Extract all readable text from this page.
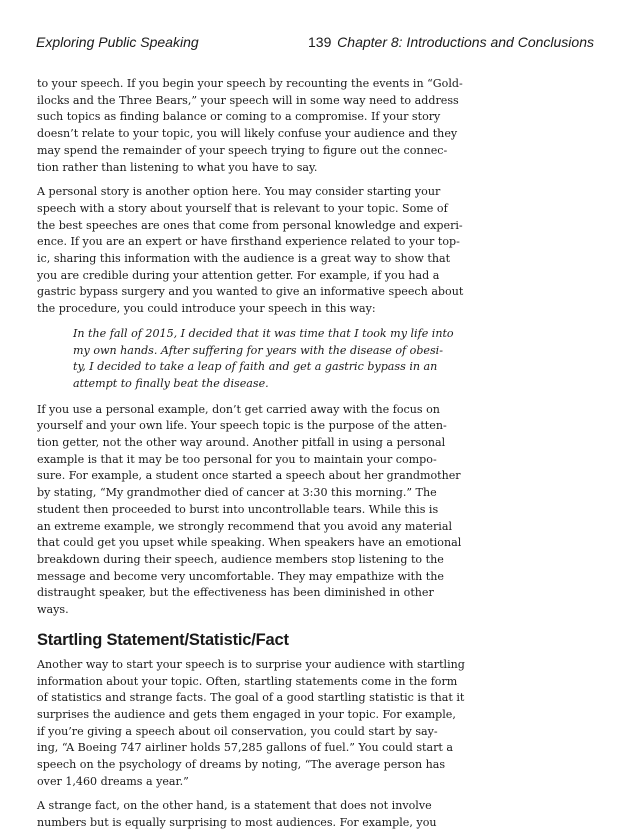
Exploring Public Speaking	139 Chapter 8: Introductions and Conclusions

to your speech. If you begin your speech by recounting the events in “Gold-
ilocks and the Three Bears,” your speech will in some way need to address
such topics as finding balance or coming to a compromise. If your story
doesn’t relate to your topic, you will likely confuse your audience and they
may spend the remainder of your speech trying to figure out the connec-
tion rather than listening to what you have to say.

A personal story is another option here. You may consider starting your
speech with a story about yourself that is relevant to your topic. Some of
the best speeches are ones that come from personal knowledge and experi-
ence. If you are an expert or have firsthand experience related to your top-
ic, sharing this information with the audience is a great way to show that
you are credible during your attention getter. For example, if you had a
gastric bypass surgery and you wanted to give an informative speech about
the procedure, you could introduce your speech in this way:

In the fall of 2015, I decided that it was time that I took my life into
my own hands. After suffering for years with the disease of obesi-
ty, I decided to take a leap of faith and get a gastric bypass in an
attempt to finally beat the disease.

If you use a personal example, don’t get carried away with the focus on
yourself and your own life. Your speech topic is the purpose of the atten-
tion getter, not the other way around. Another pitfall in using a personal
example is that it may be too personal for you to maintain your compo-
sure. For example, a student once started a speech about her grandmother
by stating, “My grandmother died of cancer at 3:30 this morning.” The
student then proceeded to burst into uncontrollable tears. While this is
an extreme example, we strongly recommend that you avoid any material
that could get you upset while speaking. When speakers have an emotional
breakdown during their speech, audience members stop listening to the
message and become very uncomfortable. They may empathize with the
distraught speaker, but the effectiveness has been diminished in other
ways.

Startling Statement/Statistic/Fact

Another way to start your speech is to surprise your audience with startling
information about your topic. Often, startling statements come in the form
of statistics and strange facts. The goal of a good startling statistic is that it
surprises the audience and gets them engaged in your topic. For example,
if you’re giving a speech about oil conservation, you could start by say-
ing, “A Boeing 747 airliner holds 57,285 gallons of fuel.” You could start a
speech on the psychology of dreams by noting, “The average person has
over 1,460 dreams a year.”

A strange fact, on the other hand, is a statement that does not involve
numbers but is equally surprising to most audiences. For example, you
